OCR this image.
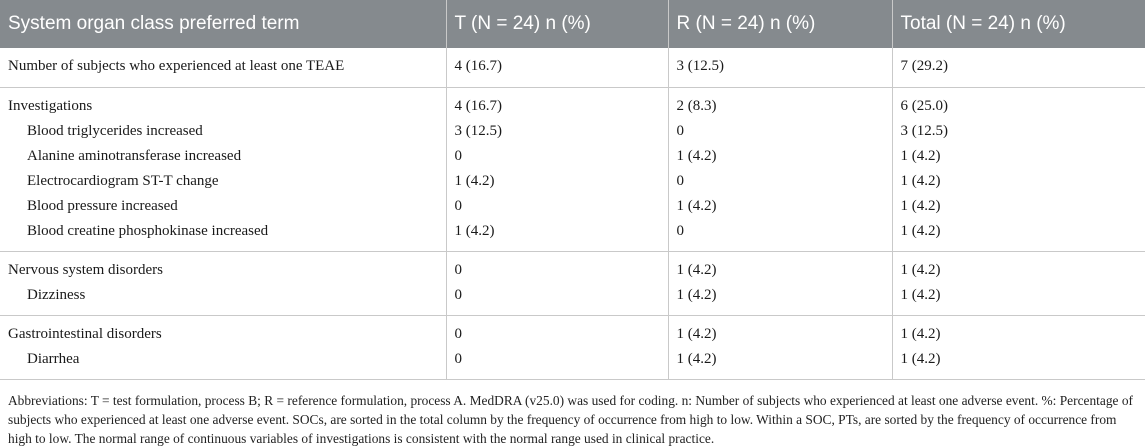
System organ class preferred term	T (N = 24) n (%)	R (N = 24) n (%)	Total (N = 24) n (%)
Number of subjects who experienced at least one TEAE	4 (16.7)	3 (12.5)	7 (29.2)
Investigations	4 (16.7)	2 (8.3)	6 (25.0)
Blood triglycerides increased	3 (12.5)	0	3 (12.5)
Alanine aminotransferase increased	0	1 (4.2)	1 (4.2)
Electrocardiogram ST-T change	1 (4.2)	0	1 (4.2)
Blood pressure increased	0	1 (4.2)	1 (4.2)
Blood creatine phosphokinase increased	1 (4.2)	0	1 (4.2)
Nervous system disorders	0	1 (4.2)	1 (4.2)
Dizziness	0	1 (4.2)	1 (4.2)
Gastrointestinal disorders	0	1 (4.2)	1 (4.2)
Diarrhea	0	1 (4.2)	1 (4.2)
Abbreviations: T = test formulation, process B; R = reference formulation, process A. MedDRA (v25.0) was used for coding. n: Number of subjects who experienced at least one adverse event. %: Percentage of subjects who experienced at least one adverse event. SOCs, are sorted in the total column by the frequency of occurrence from high to low. Within a SOC, PTs, are sorted by the frequency of occurrence from high to low. The normal range of continuous variables of investigations is consistent with the normal range used in clinical practice.
